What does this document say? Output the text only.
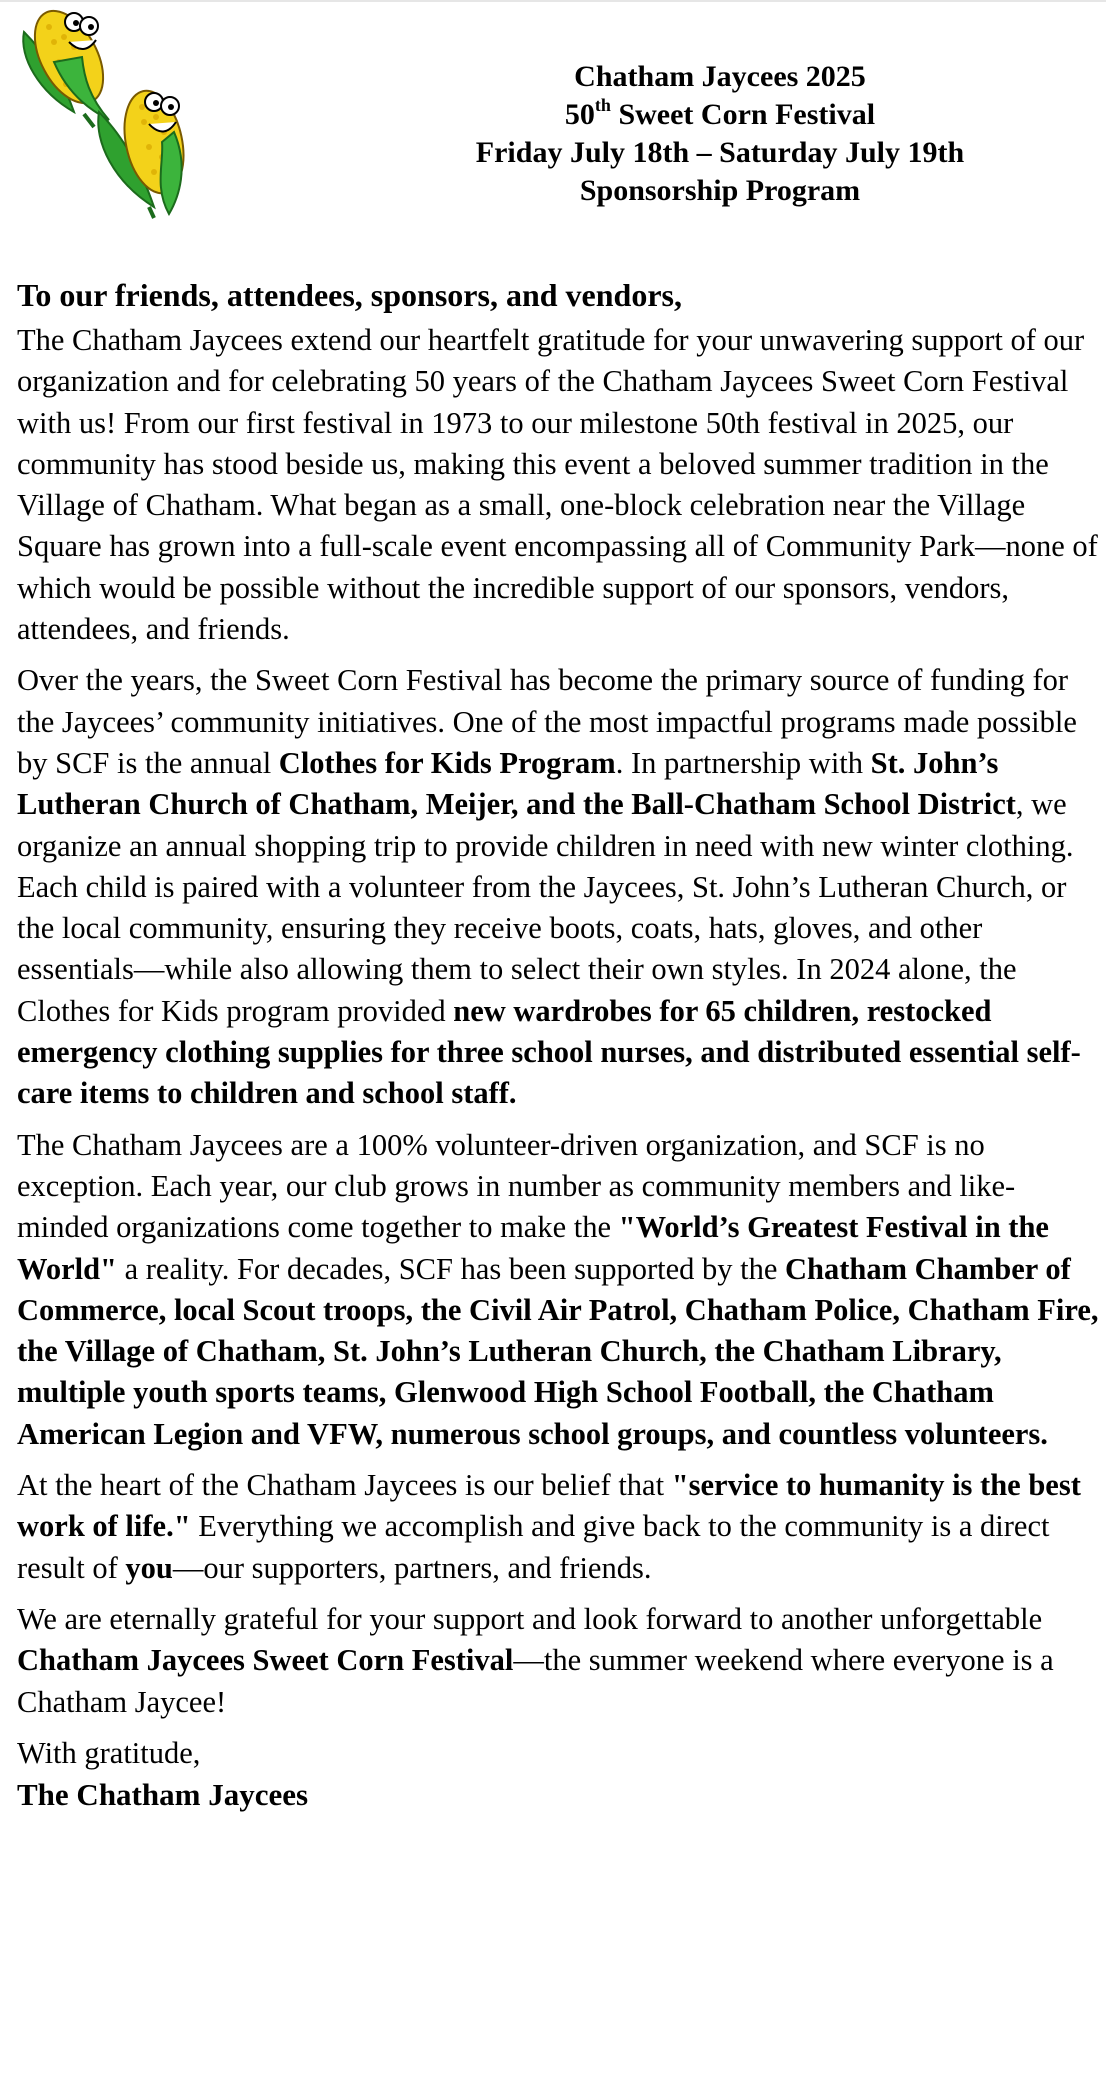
Chatham Jaycees 2025
50th Sweet Corn Festival
Friday July 18th – Saturday July 19th
Sponsorship Program
To our friends, attendees, sponsors, and vendors,

The Chatham Jaycees extend our heartfelt gratitude for your unwavering support of our organization and for celebrating 50 years of the Chatham Jaycees Sweet Corn Festival with us! From our first festival in 1973 to our milestone 50th festival in 2025, our community has stood beside us, making this event a beloved summer tradition in the Village of Chatham. What began as a small, one-block celebration near the Village Square has grown into a full-scale event encompassing all of Community Park—none of which would be possible without the incredible support of our sponsors, vendors, attendees, and friends.

Over the years, the Sweet Corn Festival has become the primary source of funding for the Jaycees’ community initiatives. One of the most impactful programs made possible by SCF is the annual Clothes for Kids Program. In partnership with St. John’s Lutheran Church of Chatham, Meijer, and the Ball-Chatham School District, we organize an annual shopping trip to provide children in need with new winter clothing. Each child is paired with a volunteer from the Jaycees, St. John’s Lutheran Church, or the local community, ensuring they receive boots, coats, hats, gloves, and other essentials—while also allowing them to select their own styles. In 2024 alone, the Clothes for Kids program provided new wardrobes for 65 children, restocked emergency clothing supplies for three school nurses, and distributed essential self-care items to children and school staff.

The Chatham Jaycees are a 100% volunteer-driven organization, and SCF is no exception. Each year, our club grows in number as community members and like-minded organizations come together to make the "World’s Greatest Festival in the World" a reality. For decades, SCF has been supported by the Chatham Chamber of Commerce, local Scout troops, the Civil Air Patrol, Chatham Police, Chatham Fire, the Village of Chatham, St. John’s Lutheran Church, the Chatham Library, multiple youth sports teams, Glenwood High School Football, the Chatham American Legion and VFW, numerous school groups, and countless volunteers.

At the heart of the Chatham Jaycees is our belief that "service to humanity is the best work of life." Everything we accomplish and give back to the community is a direct result of you—our supporters, partners, and friends.

We are eternally grateful for your support and look forward to another unforgettable Chatham Jaycees Sweet Corn Festival—the summer weekend where everyone is a Chatham Jaycee!

With gratitude,
The Chatham Jaycees
